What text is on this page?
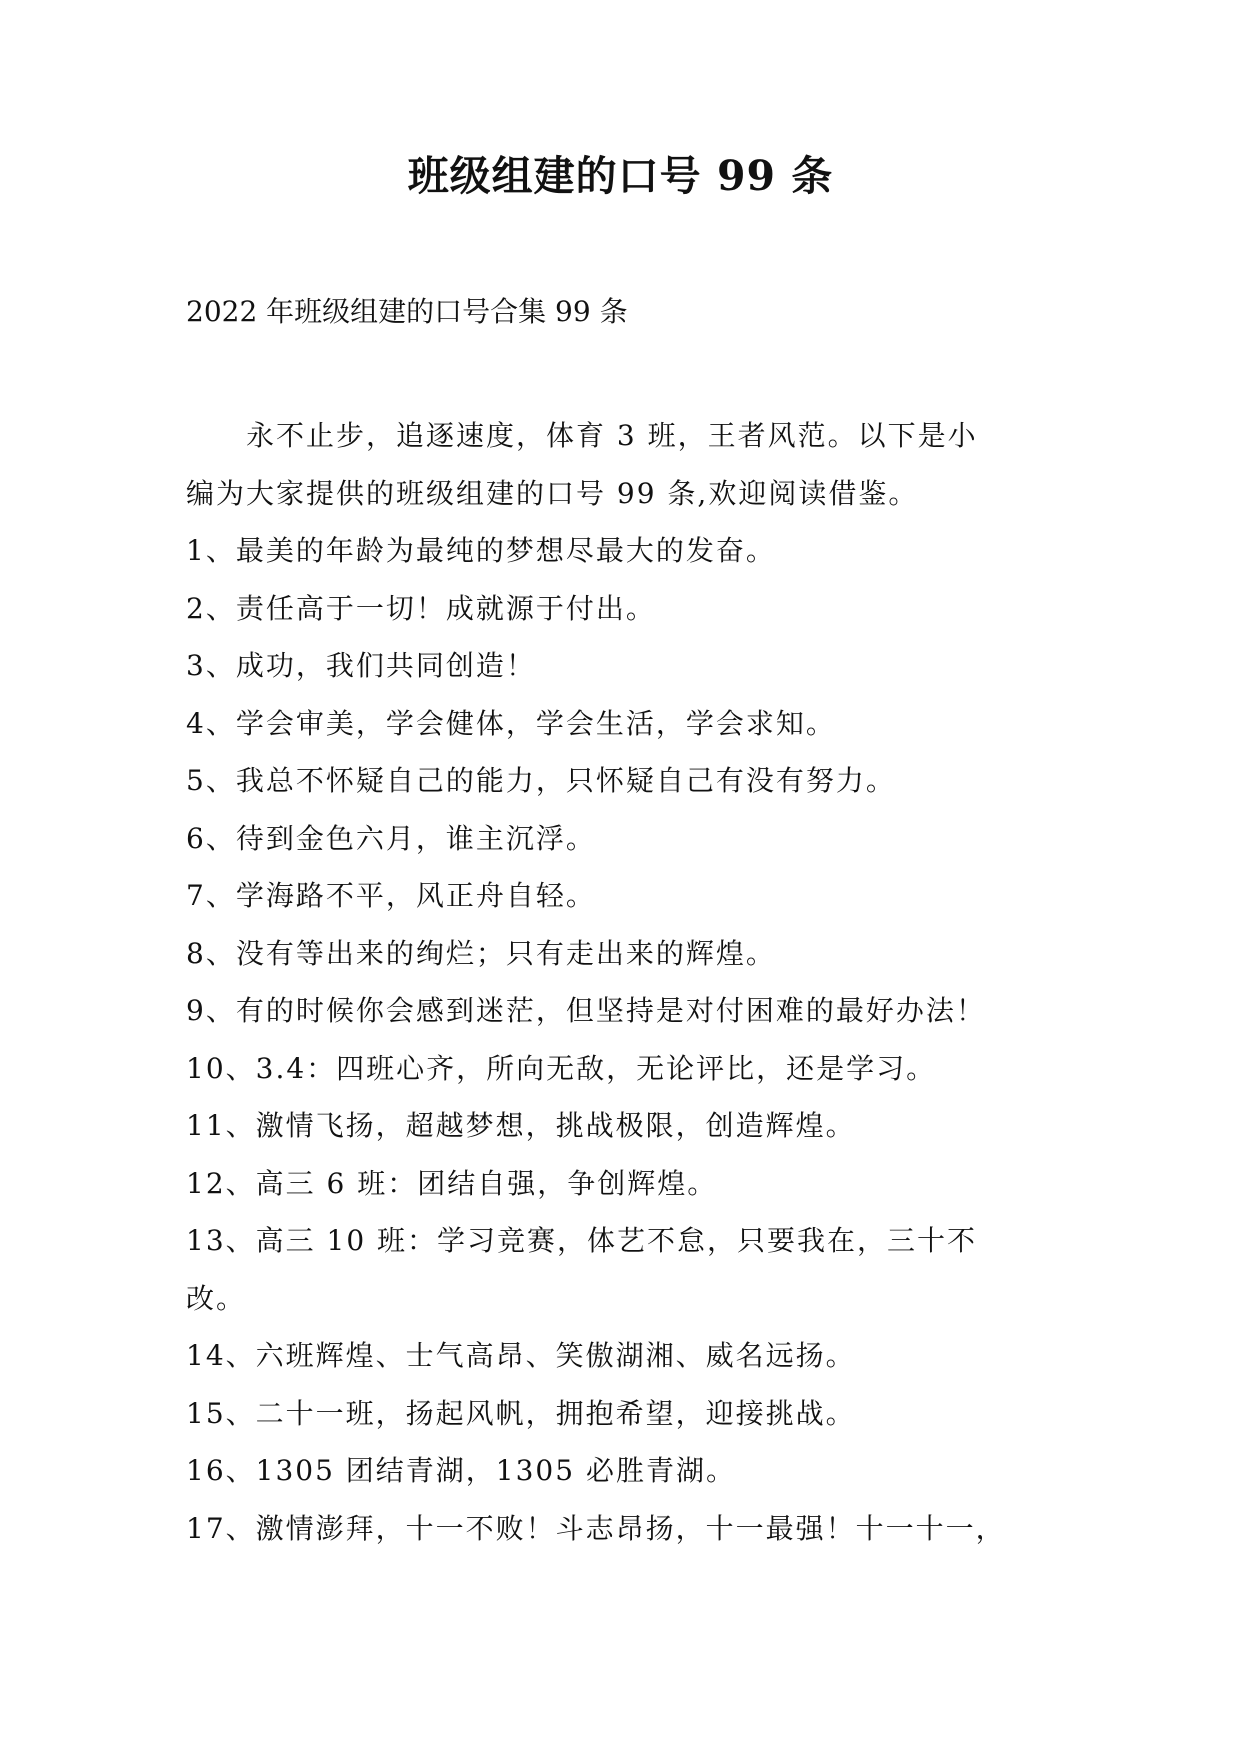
班级组建的口号 99 条
2022 年班级组建的口号合集 99 条
　　永不止步，追逐速度，体育 3 班，王者风范。以下是小
编为大家提供的班级组建的口号 99 条,欢迎阅读借鉴。
1、最美的年龄为最纯的梦想尽最大的发奋。
2、责任高于一切！成就源于付出。
3、成功，我们共同创造！
4、学会审美，学会健体，学会生活，学会求知。
5、我总不怀疑自己的能力，只怀疑自己有没有努力。
6、待到金色六月，谁主沉浮。
7、学海路不平，风正舟自轻。
8、没有等出来的绚烂；只有走出来的辉煌。
9、有的时候你会感到迷茫，但坚持是对付困难的最好办法！
10、3.4：四班心齐，所向无敌，无论评比，还是学习。
11、激情飞扬，超越梦想，挑战极限，创造辉煌。
12、高三 6 班：团结自强，争创辉煌。
13、高三 10 班：学习竞赛，体艺不怠，只要我在，三十不
改。
14、六班辉煌、士气高昂、笑傲湖湘、威名远扬。
15、二十一班，扬起风帆，拥抱希望，迎接挑战。
16、1305 团结青湖，1305 必胜青湖。
17、激情澎拜，十一不败！斗志昂扬，十一最强！十一十一，
